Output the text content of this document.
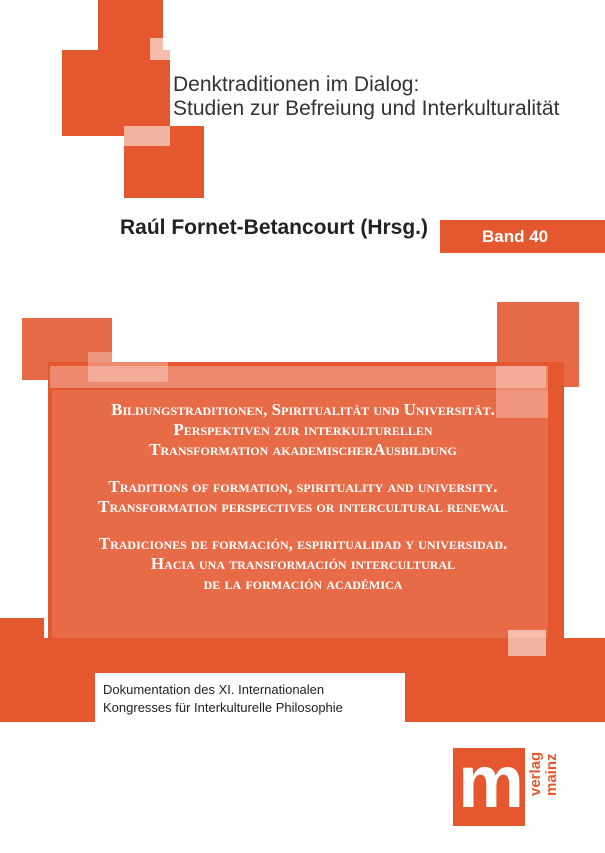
Denktraditionen im Dialog:
Studien zur Befreiung und Interkulturalität
Raúl Fornet-Betancourt (Hrsg.)	Band 40
Bildungstraditionen, Spiritualität und Universität.
Perspektiven zur interkulturellen
Transformation akademischerAusbildung
Traditions of formation, spirituality and university.
Transformation perspectives or intercultural renewal
Tradiciones de formación, espiritualidad y universidad.
Hacia una transformación intercultural
de la formación académica
Dokumentation des XI. Internationalen
Kongresses für Interkulturelle Philosophie
m verlag mainz
